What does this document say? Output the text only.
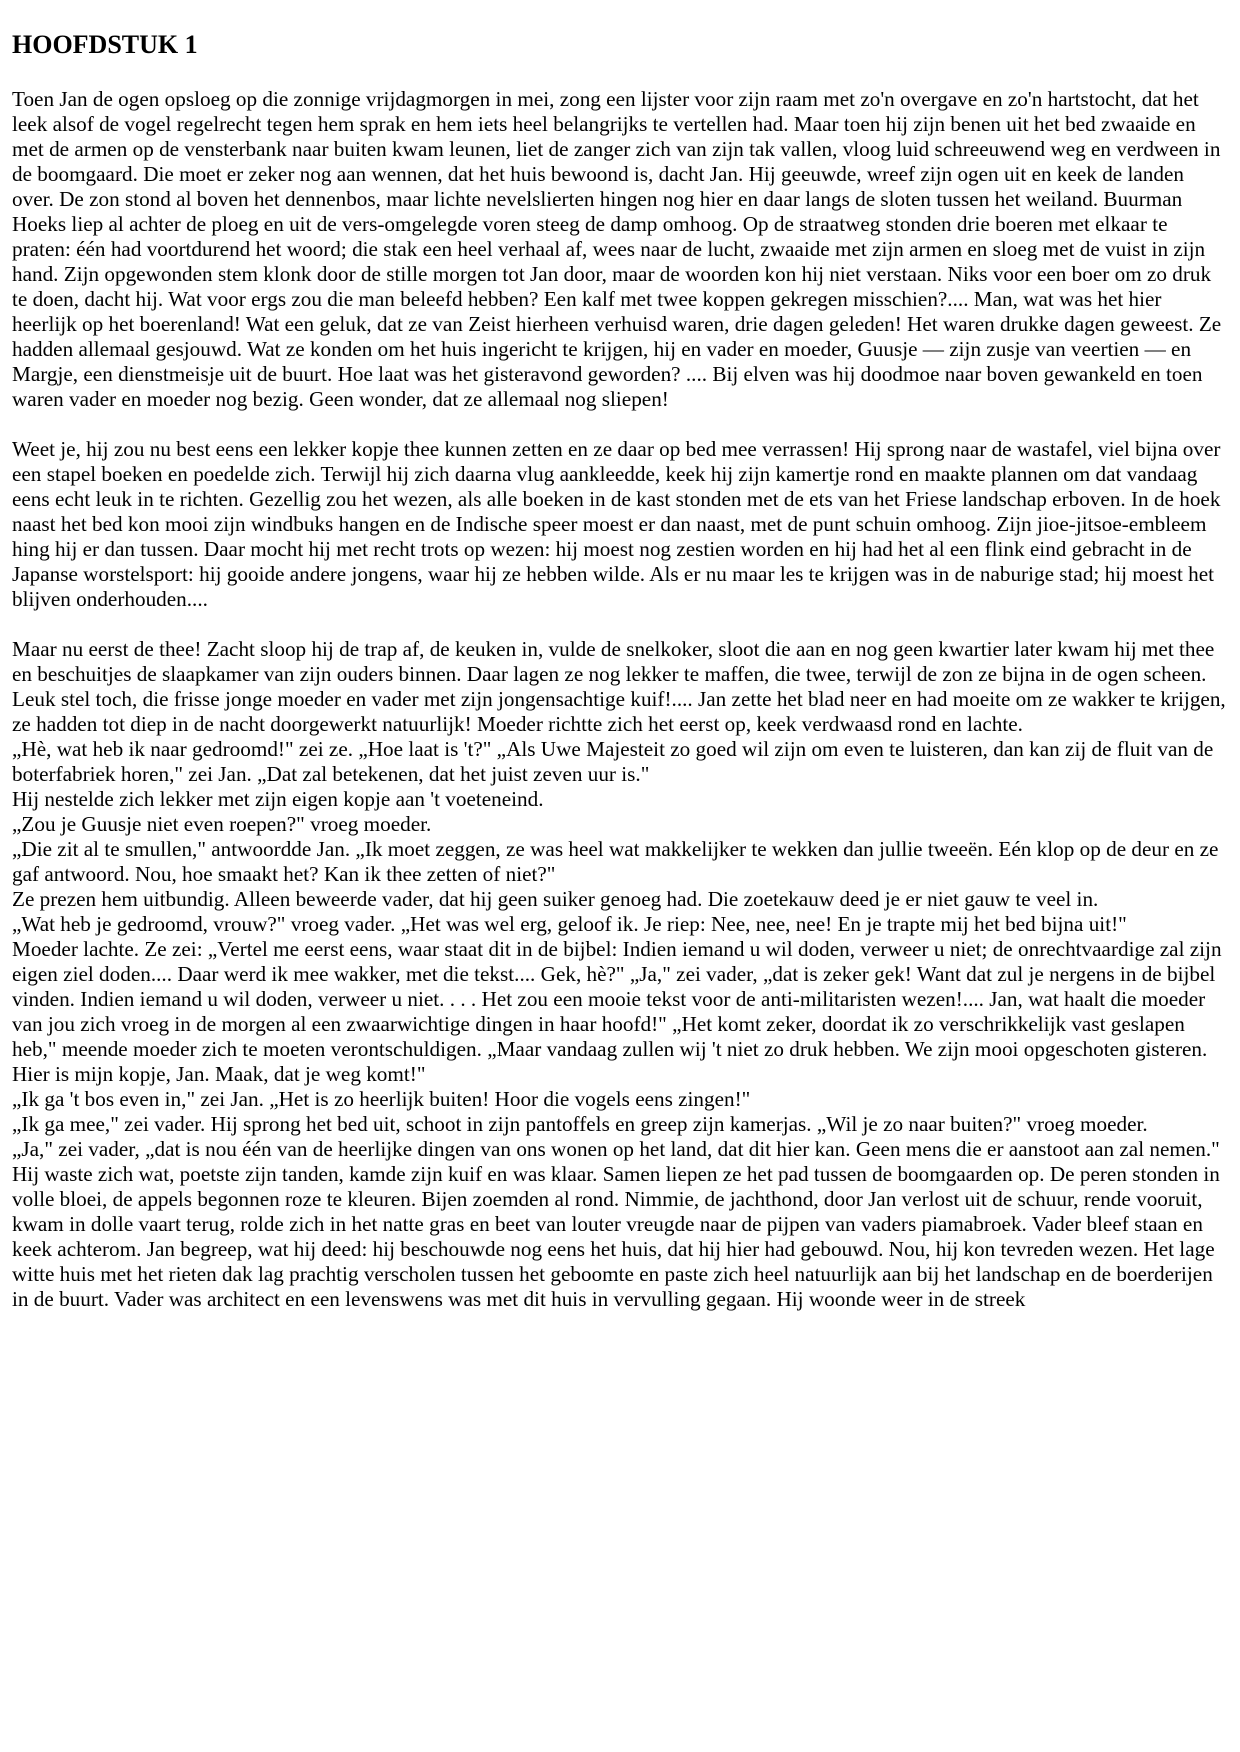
HOOFDSTUK 1

Toen Jan de ogen opsloeg op die zonnige vrijdagmorgen in mei, zong een lijster voor zijn raam met zo'n overgave en zo'n hartstocht, dat het leek alsof de vogel regelrecht tegen hem sprak en hem iets heel belangrijks te vertellen had. Maar toen hij zijn benen uit het bed zwaaide en met de armen op de vensterbank naar buiten kwam leunen, liet de zanger zich van zijn tak vallen, vloog luid schreeuwend weg en verdween in de boomgaard. Die moet er zeker nog aan wennen, dat het huis bewoond is, dacht Jan. Hij geeuwde, wreef zijn ogen uit en keek de landen over. De zon stond al boven het dennenbos, maar lichte nevelslierten hingen nog hier en daar langs de sloten tussen het weiland. Buurman Hoeks liep al achter de ploeg en uit de vers-omgelegde voren steeg de damp omhoog. Op de straatweg stonden drie boeren met elkaar te praten: één had voortdurend het woord; die stak een heel verhaal af, wees naar de lucht, zwaaide met zijn armen en sloeg met de vuist in zijn hand. Zijn opgewonden stem klonk door de stille morgen tot Jan door, maar de woorden kon hij niet verstaan. Niks voor een boer om zo druk te doen, dacht hij. Wat voor ergs zou die man beleefd hebben? Een kalf met twee koppen gekregen misschien?.... Man, wat was het hier heerlijk op het boerenland! Wat een geluk, dat ze van Zeist hierheen verhuisd waren, drie dagen geleden! Het waren drukke dagen geweest. Ze hadden allemaal gesjouwd. Wat ze konden om het huis ingericht te krijgen, hij en vader en moeder, Guusje — zijn zusje van veertien — en Margje, een dienstmeisje uit de buurt. Hoe laat was het gisteravond geworden? .... Bij elven was hij doodmoe naar boven gewankeld en toen waren vader en moeder nog bezig. Geen wonder, dat ze allemaal nog sliepen!

Weet je, hij zou nu best eens een lekker kopje thee kunnen zetten en ze daar op bed mee verrassen! Hij sprong naar de wastafel, viel bijna over een stapel boeken en poedelde zich. Terwijl hij zich daarna vlug aankleedde, keek hij zijn kamertje rond en maakte plannen om dat vandaag eens echt leuk in te richten. Gezellig zou het wezen, als alle boeken in de kast stonden met de ets van het Friese landschap erboven. In de hoek naast het bed kon mooi zijn windbuks hangen en de Indische speer moest er dan naast, met de punt schuin omhoog. Zijn jioe-jitsoe-embleem hing hij er dan tussen. Daar mocht hij met recht trots op wezen: hij moest nog zestien worden en hij had het al een flink eind gebracht in de Japanse worstelsport: hij gooide andere jongens, waar hij ze hebben wilde. Als er nu maar les te krijgen was in de naburige stad; hij moest het blijven onderhouden....

Maar nu eerst de thee! Zacht sloop hij de trap af, de keuken in, vulde de snelkoker, sloot die aan en nog geen kwartier later kwam hij met thee en beschuitjes de slaapkamer van zijn ouders binnen. Daar lagen ze nog lekker te maffen, die twee, terwijl de zon ze bijna in de ogen scheen. Leuk stel toch, die frisse jonge moeder en vader met zijn jongensachtige kuif!.... Jan zette het blad neer en had moeite om ze wakker te krijgen, ze hadden tot diep in de nacht doorgewerkt natuurlijk! Moeder richtte zich het eerst op, keek verdwaasd rond en lachte.
„Hè, wat heb ik naar gedroomd!" zei ze. „Hoe laat is 't?" „Als Uwe Majesteit zo goed wil zijn om even te luisteren, dan kan zij de fluit van de boterfabriek horen," zei Jan. „Dat zal betekenen, dat het juist zeven uur is."
Hij nestelde zich lekker met zijn eigen kopje aan 't voeteneind.
„Zou je Guusje niet even roepen?" vroeg moeder.
„Die zit al te smullen," antwoordde Jan. „Ik moet zeggen, ze was heel wat makkelijker te wekken dan jullie tweeën. Eén klop op de deur en ze gaf antwoord. Nou, hoe smaakt het? Kan ik thee zetten of niet?"
Ze prezen hem uitbundig. Alleen beweerde vader, dat hij geen suiker genoeg had. Die zoetekauw deed je er niet gauw te veel in.
„Wat heb je gedroomd, vrouw?" vroeg vader. „Het was wel erg, geloof ik. Je riep: Nee, nee, nee! En je trapte mij het bed bijna uit!"
Moeder lachte. Ze zei: „Vertel me eerst eens, waar staat dit in de bijbel: Indien iemand u wil doden, verweer u niet; de onrechtvaardige zal zijn eigen ziel doden.... Daar werd ik mee wakker, met die tekst.... Gek, hè?" „Ja," zei vader, „dat is zeker gek! Want dat zul je nergens in de bijbel vinden. Indien iemand u wil doden, verweer u niet. . . . Het zou een mooie tekst voor de anti-militaristen wezen!.... Jan, wat haalt die moeder van jou zich vroeg in de morgen al een zwaarwichtige dingen in haar hoofd!" „Het komt zeker, doordat ik zo verschrikkelijk vast geslapen heb," meende moeder zich te moeten verontschuldigen. „Maar vandaag zullen wij 't niet zo druk hebben. We zijn mooi opgeschoten gisteren. Hier is mijn kopje, Jan. Maak, dat je weg komt!"
„Ik ga 't bos even in," zei Jan. „Het is zo heerlijk buiten! Hoor die vogels eens zingen!"
„Ik ga mee," zei vader. Hij sprong het bed uit, schoot in zijn pantoffels en greep zijn kamerjas. „Wil je zo naar buiten?" vroeg moeder.
„Ja," zei vader, „dat is nou één van de heerlijke dingen van ons wonen op het land, dat dit hier kan. Geen mens die er aanstoot aan zal nemen."
Hij waste zich wat, poetste zijn tanden, kamde zijn kuif en was klaar. Samen liepen ze het pad tussen de boomgaarden op. De peren stonden in volle bloei, de appels begonnen roze te kleuren. Bijen zoemden al rond. Nimmie, de jachthond, door Jan verlost uit de schuur, rende vooruit, kwam in dolle vaart terug, rolde zich in het natte gras en beet van louter vreugde naar de pijpen van vaders piamabroek. Vader bleef staan en keek achterom. Jan begreep, wat hij deed: hij beschouwde nog eens het huis, dat hij hier had gebouwd. Nou, hij kon tevreden wezen. Het lage witte huis met het rieten dak lag prachtig verscholen tussen het geboomte en paste zich heel natuurlijk aan bij het landschap en de boerderijen in de buurt. Vader was architect en een levenswens was met dit huis in vervulling gegaan. Hij woonde weer in de streek
